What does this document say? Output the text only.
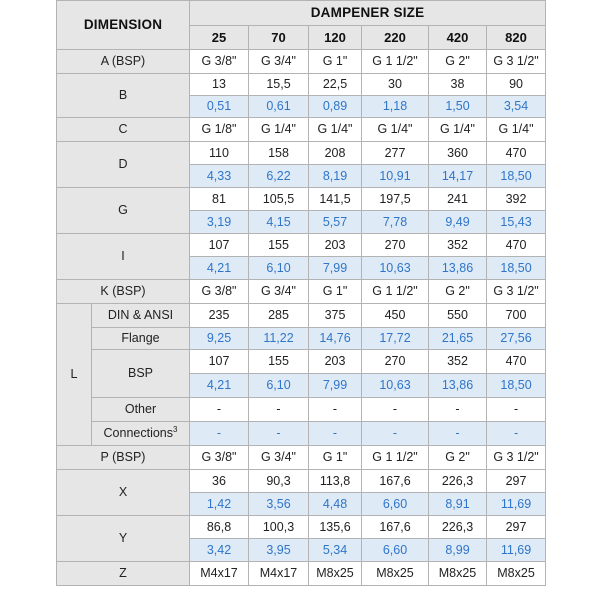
DIMENSION		DAMPENER SIZE					
		25	70	120	220	420	820
A (BSP)		G 3/8"	G 3/4"	G 1"	G 1 1/2"	G 2"	G 3 1/2"
B		13	15,5	22,5	30	38	90
		0,51	0,61	0,89	1,18	1,50	3,54
C		G 1/8"	G 1/4"	G 1/4"	G 1/4"	G 1/4"	G 1/4"
D		110	158	208	277	360	470
		4,33	6,22	8,19	10,91	14,17	18,50
G		81	105,5	141,5	197,5	241	392
		3,19	4,15	5,57	7,78	9,49	15,43
I		107	155	203	270	352	470
		4,21	6,10	7,99	10,63	13,86	18,50
K (BSP)		G 3/8"	G 3/4"	G 1"	G 1 1/2"	G 2"	G 3 1/2"
L	DIN & ANSI	235	285	375	450	550	700
	Flange	9,25	11,22	14,76	17,72	21,65	27,56
	BSP	107	155	203	270	352	470
		4,21	6,10	7,99	10,63	13,86	18,50
	Other	-	-	-	-	-	-
	Connections$^3$	-	-	-	-	-	-
P (BSP)		G 3/8"	G 3/4"	G 1"	G 1 1/2"	G 2"	G 3 1/2"
X		36	90,3	113,8	167,6	226,3	297
		1,42	3,56	4,48	6,60	8,91	11,69
Y		86,8	100,3	135,6	167,6	226,3	297
		3,42	3,95	5,34	6,60	8,99	11,69
Z		M4x17	M4x17	M8x25	M8x25	M8x25	M8x25
